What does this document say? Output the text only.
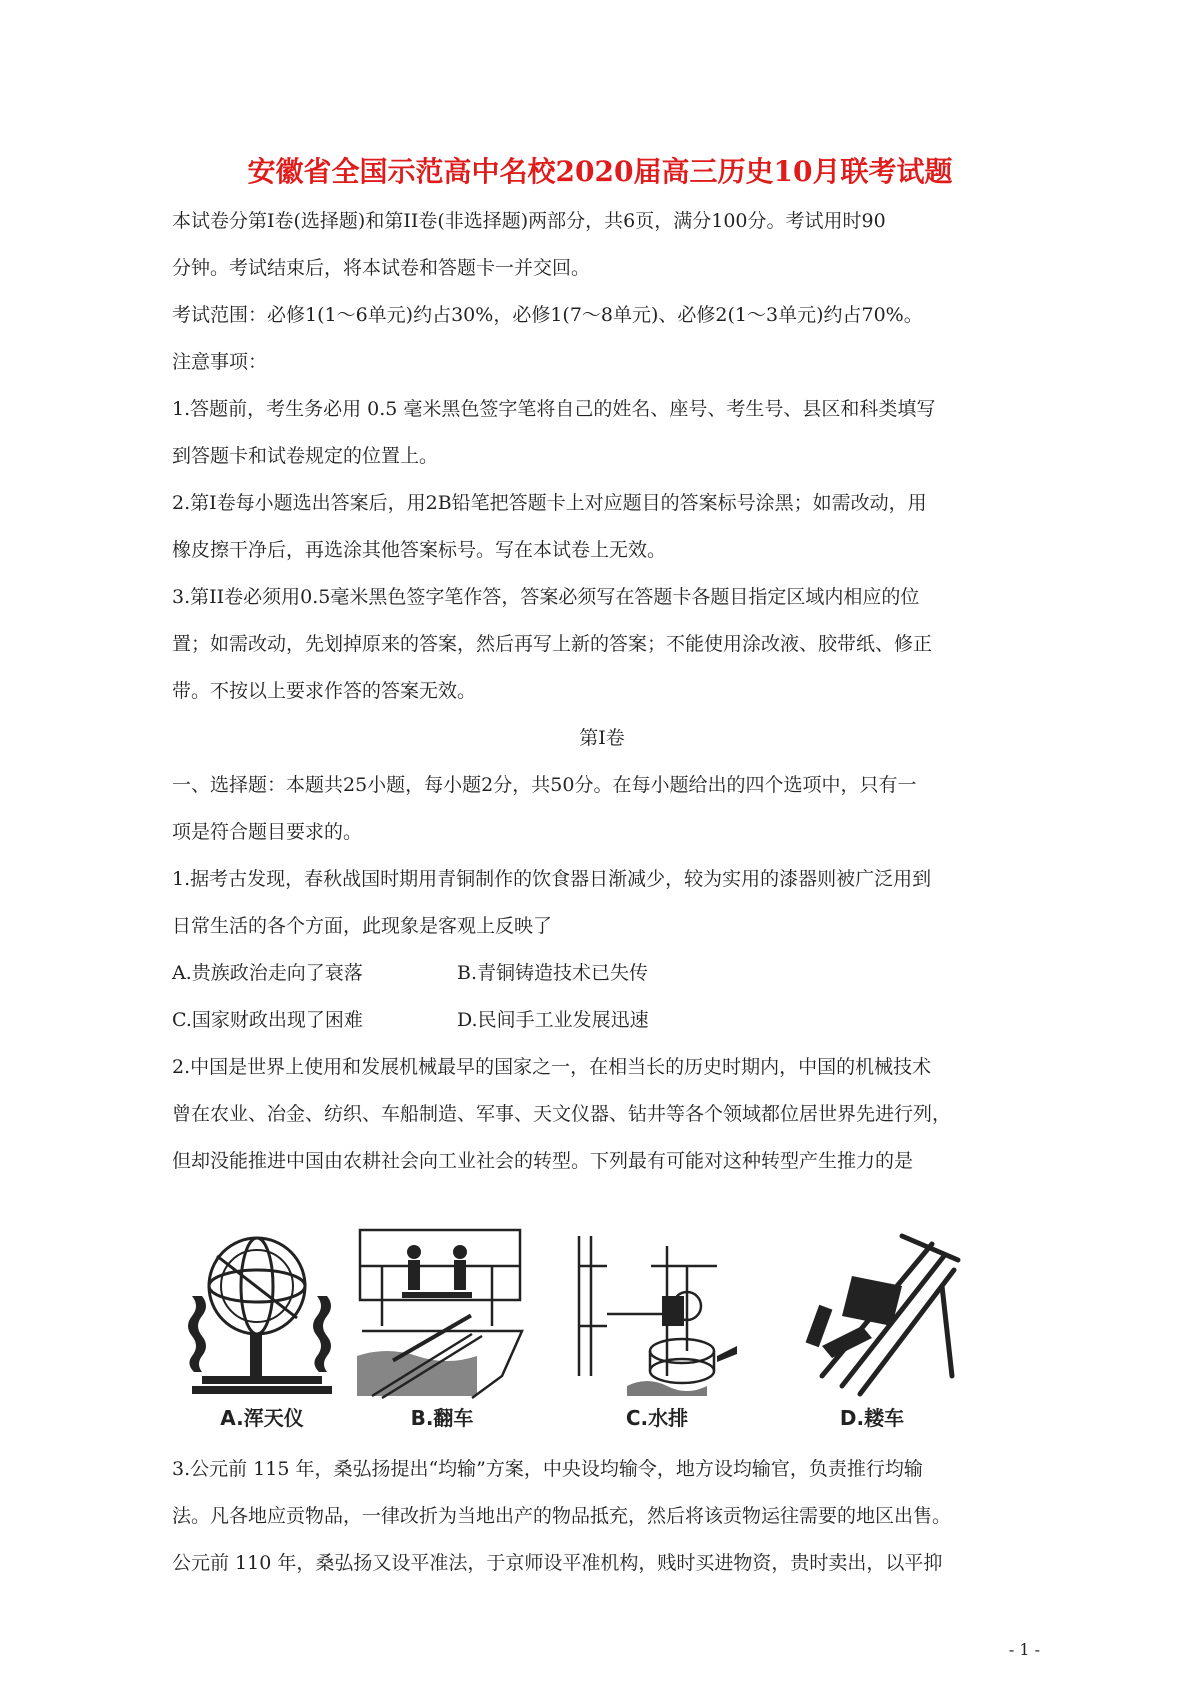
安徽省全国示范高中名校2020届高三历史10月联考试题

本试卷分第I卷(选择题)和第II卷(非选择题)两部分，共6页，满分100分。考试用时90

分钟。考试结束后，将本试卷和答题卡一并交回。

考试范围：必修1(1～6单元)约占30%，必修1(7～8单元)、必修2(1～3单元)约占70%。

注意事项：

1.答题前，考生务必用 0.5 毫米黑色签字笔将自己的姓名、座号、考生号、县区和科类填写

到答题卡和试卷规定的位置上。

2.第I卷每小题选出答案后，用2B铅笔把答题卡上对应题目的答案标号涂黑；如需改动，用

橡皮擦干净后，再选涂其他答案标号。写在本试卷上无效。

3.第II卷必须用0.5毫米黑色签字笔作答，答案必须写在答题卡各题目指定区域内相应的位

置；如需改动，先划掉原来的答案，然后再写上新的答案；不能使用涂改液、胶带纸、修正

带。不按以上要求作答的答案无效。

第I卷

一、选择题：本题共25小题，每小题2分，共50分。在每小题给出的四个选项中，只有一

项是符合题目要求的。

1.据考古发现，春秋战国时期用青铜制作的饮食器日渐减少，较为实用的漆器则被广泛用到

日常生活的各个方面，此现象是客观上反映了

A.贵族政治走向了衰落	B.青铜铸造技术已失传

C.国家财政出现了困难	D.民间手工业发展迅速

2.中国是世界上使用和发展机械最早的国家之一，在相当长的历史时期内，中国的机械技术

曾在农业、冶金、纺织、车船制造、军事、天文仪器、钻井等各个领域都位居世界先进行列，

但却没能推进中国由农耕社会向工业社会的转型。下列最有可能对这种转型产生推力的是

A.浑天仪	B.翻车	C.水排	D.耧车

3.公元前 115 年，桑弘扬提出“均输”方案，中央设均输令，地方设均输官，负责推行均输

法。凡各地应贡物品，一律改折为当地出产的物品抵充，然后将该贡物运往需要的地区出售。

公元前 110 年，桑弘扬又设平准法，于京师设平准机构，贱时买进物资，贵时卖出，以平抑

- 1 -
